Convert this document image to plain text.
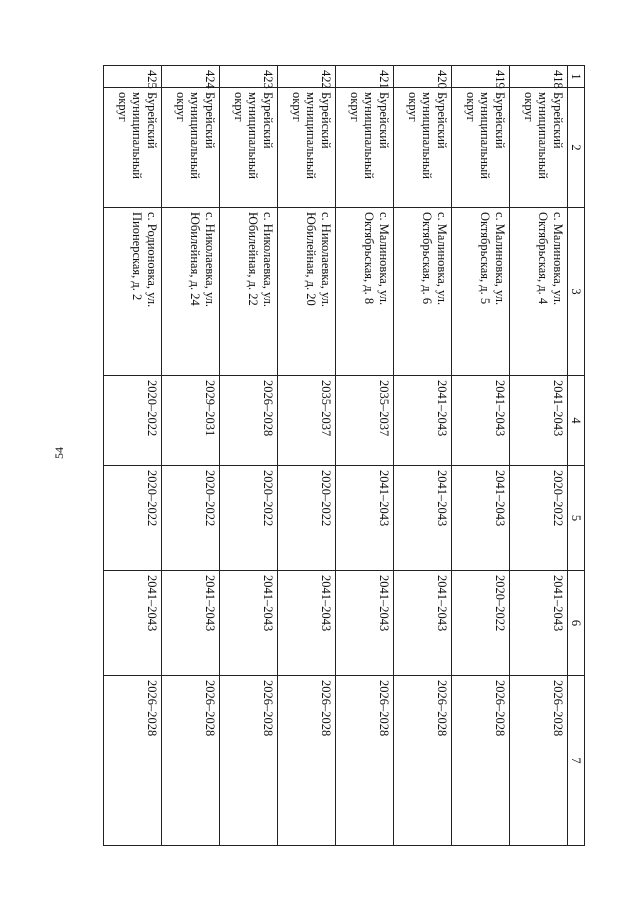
54
1	2	3	4	5	6	7
418	Бурейский муниципальный округ	с. Малиновка, ул. Октябрьская, д. 4	2041–2043	2020–2022	2041–2043	2026–2028
419	Бурейский муниципальный округ	с. Малиновка, ул. Октябрьская, д. 5	2041–2043	2041–2043	2020–2022	2026–2028
420	Бурейский муниципальный округ	с. Малиновка, ул. Октябрьская, д. 6	2041–2043	2041–2043	2041–2043	2026–2028
421	Бурейский муниципальный округ	с. Малиновка, ул. Октябрьская, д. 8	2035–2037	2041–2043	2041–2043	2026–2028
422	Бурейский муниципальный округ	с. Николаевка, ул. Юбилейная, д. 20	2035–2037	2020–2022	2041–2043	2026–2028
423	Бурейский муниципальный округ	с. Николаевка, ул. Юбилейная, д. 22	2026–2028	2020–2022	2041–2043	2026–2028
424	Бурейский муниципальный округ	с. Николаевка, ул. Юбилейная, д. 24	2029–2031	2020–2022	2041–2043	2026–2028
425	Бурейский муниципальный округ	с. Родионовка, ул. Пионерская, д. 2	2020–2022	2020–2022	2041–2043	2026–2028
